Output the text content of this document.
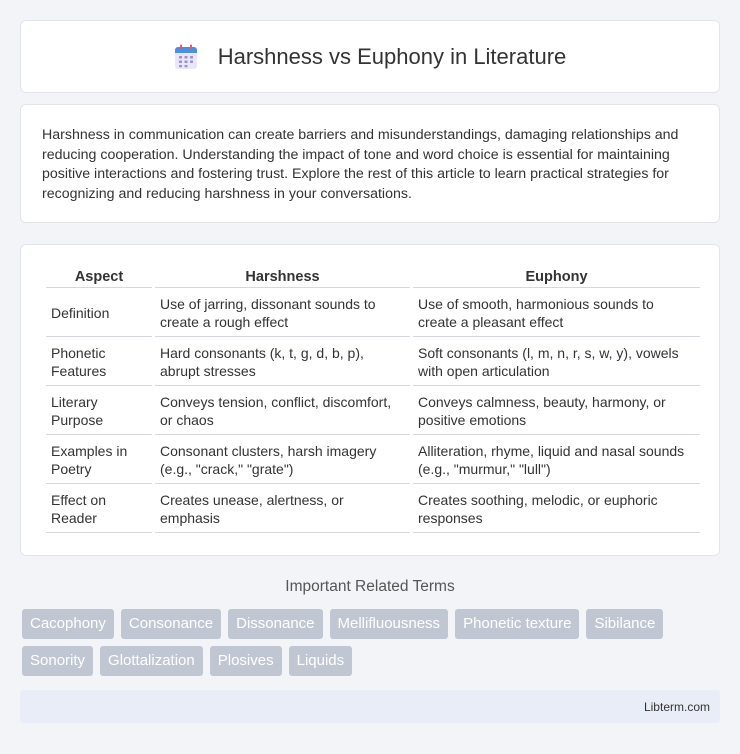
Harshness vs Euphony in Literature

Harshness in communication can create barriers and misunderstandings, damaging relationships and reducing cooperation. Understanding the impact of tone and word choice is essential for maintaining positive interactions and fostering trust. Explore the rest of this article to learn practical strategies for recognizing and reducing harshness in your conversations.

Aspect	Harshness	Euphony
Definition	Use of jarring, dissonant sounds to create a rough effect	Use of smooth, harmonious sounds to create a pleasant effect
Phonetic Features	Hard consonants (k, t, g, d, b, p), abrupt stresses	Soft consonants (l, m, n, r, s, w, y), vowels with open articulation
Literary Purpose	Conveys tension, conflict, discomfort, or chaos	Conveys calmness, beauty, harmony, or positive emotions
Examples in Poetry	Consonant clusters, harsh imagery (e.g., "crack," "grate")	Alliteration, rhyme, liquid and nasal sounds (e.g., "murmur," "lull")
Effect on Reader	Creates unease, alertness, or emphasis	Creates soothing, melodic, or euphoric responses
Important Related Terms
Cacophony	Consonance	Dissonance	Mellifluousness	Phonetic texture	Sibilance
Sonority	Glottalization	Plosives	Liquids
Libterm.com
